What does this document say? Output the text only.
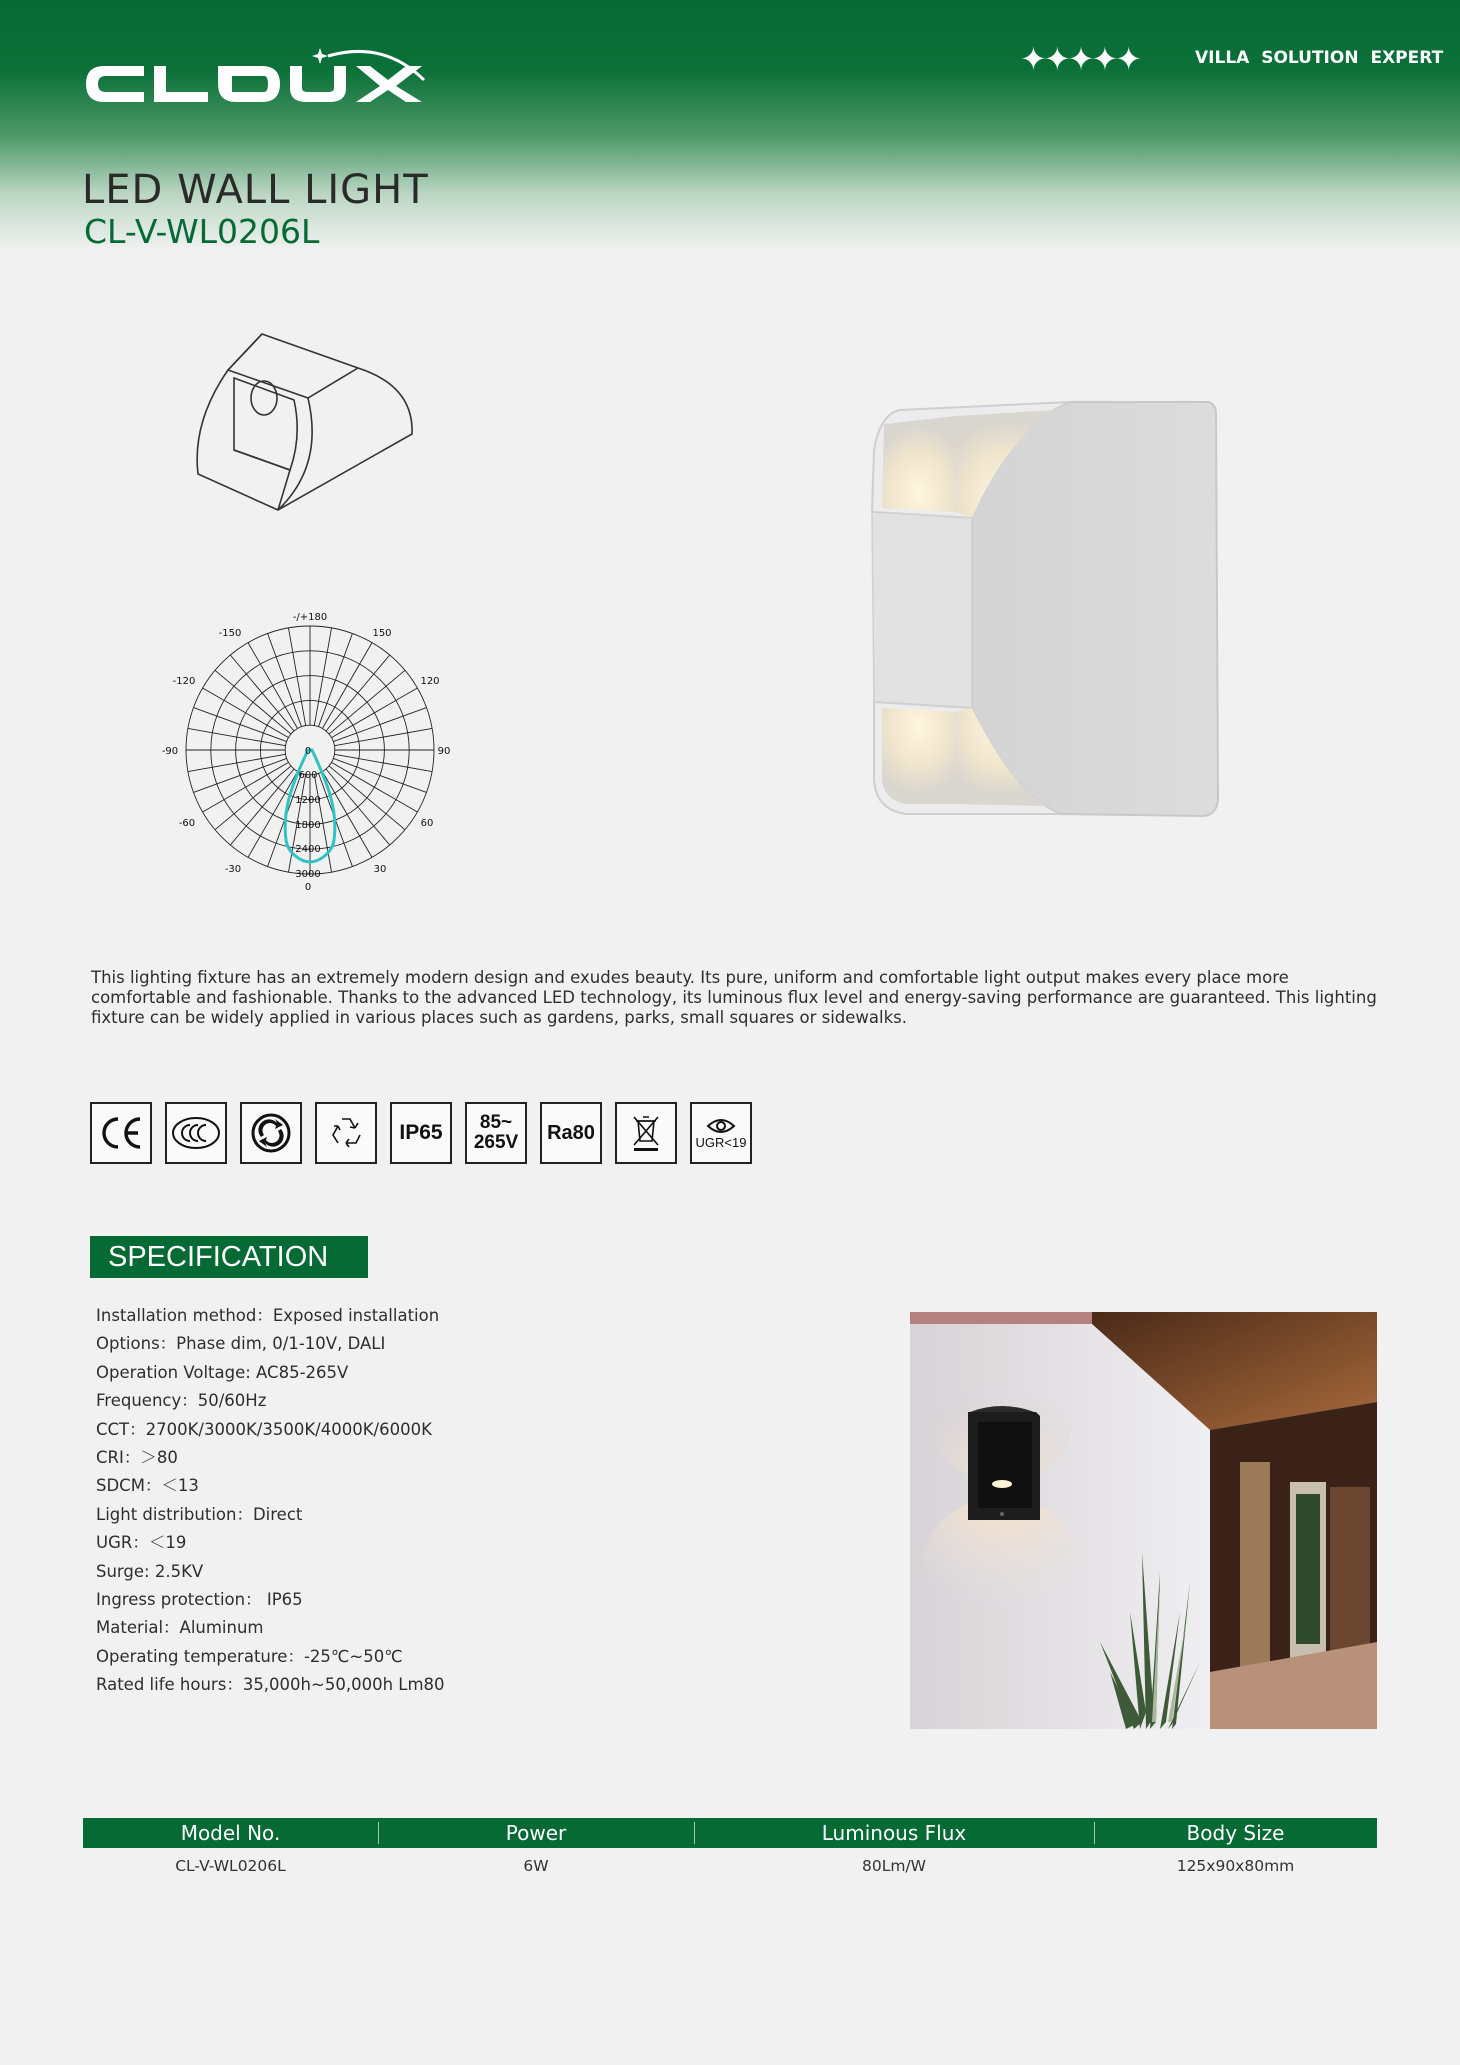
✦✦✦✦✦	VILLA SOLUTION EXPERT
LED WALL LIGHT
CL-V-WL0206L
-/+180
-150	150
-120	120
-90	90
-60	60
-30	30
0
0
600
1200
1800
2400
3000

This lighting fixture has an extremely modern design and exudes beauty. Its pure, uniform and comfortable light output makes every place more comfortable and fashionable. Thanks to the advanced LED technology, its luminous flux level and energy-saving performance are guaranteed. This lighting fixture can be widely applied in various places such as gardens, parks, small squares or sidewalks.

IP65	85~
265V	Ra80	UGR<19
SPECIFICATION
Installation method：Exposed installation
Options：Phase dim, 0/1-10V, DALI
Operation Voltage: AC85-265V
Frequency：50/60Hz
CCT：2700K/3000K/3500K/4000K/6000K
CRI：＞80
SDCM：＜13
Light distribution：Direct
UGR：＜19
Surge: 2.5KV
Ingress protection： IP65
Material：Aluminum
Operating temperature：-25℃~50℃
Rated life hours：35,000h~50,000h Lm80
Model No.	Power	Luminous Flux	Body Size
CL-V-WL0206L	6W	80Lm/W	125x90x80mm
